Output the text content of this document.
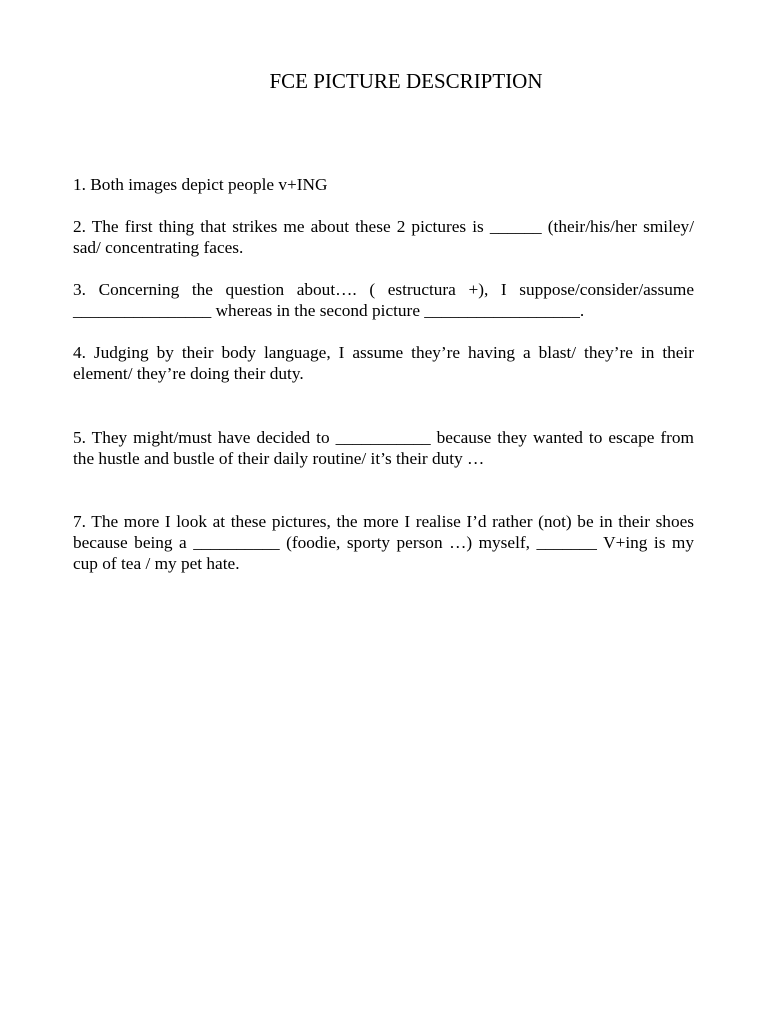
FCE PICTURE DESCRIPTION

1. Both images depict people v+ING

2. The first thing that strikes me about these 2 pictures is ______ (their/his/her smiley/ sad/ concentrating faces.

3. Concerning the question about…. ( estructura +), I suppose/consider/assume ________________ whereas in the second picture __________________.

4. Judging by their body language, I assume they’re having a blast/ they’re in their element/ they’re doing their duty.

5. They might/must have decided to ___________ because they wanted to escape from the hustle and bustle of their daily routine/ it’s their duty …

7. The more I look at these pictures, the more I realise I’d rather (not) be in their shoes because being a __________ (foodie, sporty person …) myself, _______ V+ing is my cup of tea / my pet hate.
